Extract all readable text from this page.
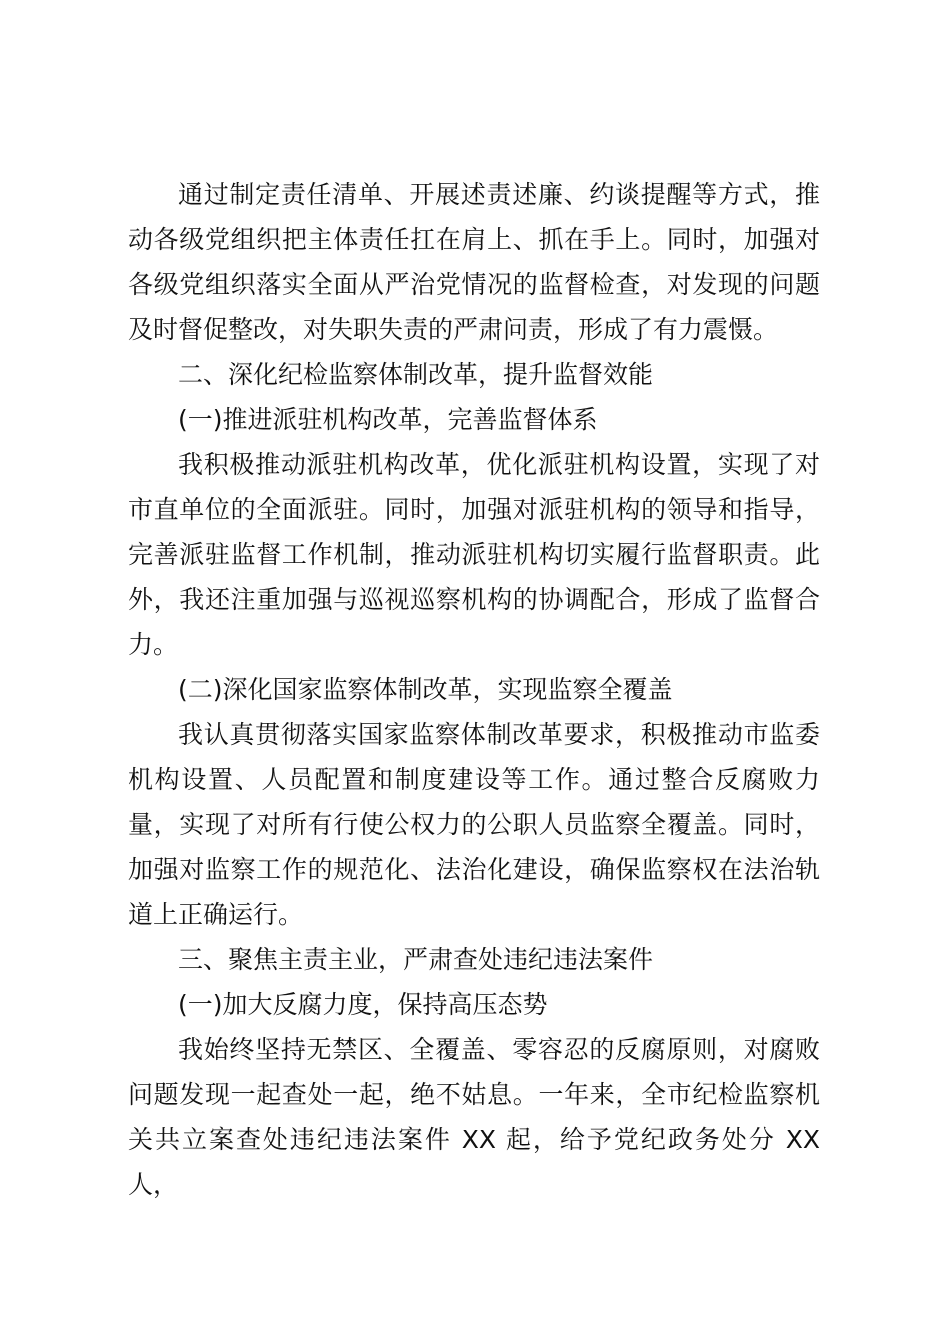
通过制定责任清单、开展述责述廉、约谈提醒等方式，推动各级党组织把主体责任扛在肩上、抓在手上。同时，加强对各级党组织落实全面从严治党情况的监督检查，对发现的问题及时督促整改，对失职失责的严肃问责，形成了有力震慑。

二、深化纪检监察体制改革，提升监督效能

(一)推进派驻机构改革，完善监督体系

我积极推动派驻机构改革，优化派驻机构设置，实现了对市直单位的全面派驻。同时，加强对派驻机构的领导和指导，完善派驻监督工作机制，推动派驻机构切实履行监督职责。此外，我还注重加强与巡视巡察机构的协调配合，形成了监督合力。

(二)深化国家监察体制改革，实现监察全覆盖

我认真贯彻落实国家监察体制改革要求，积极推动市监委机构设置、人员配置和制度建设等工作。通过整合反腐败力量，实现了对所有行使公权力的公职人员监察全覆盖。同时，加强对监察工作的规范化、法治化建设，确保监察权在法治轨道上正确运行。

三、聚焦主责主业，严肃查处违纪违法案件

(一)加大反腐力度，保持高压态势

我始终坚持无禁区、全覆盖、零容忍的反腐原则，对腐败问题发现一起查处一起，绝不姑息。一年来，全市纪检监察机关共立案查处违纪违法案件 XX 起，给予党纪政务处分 XX 人，
